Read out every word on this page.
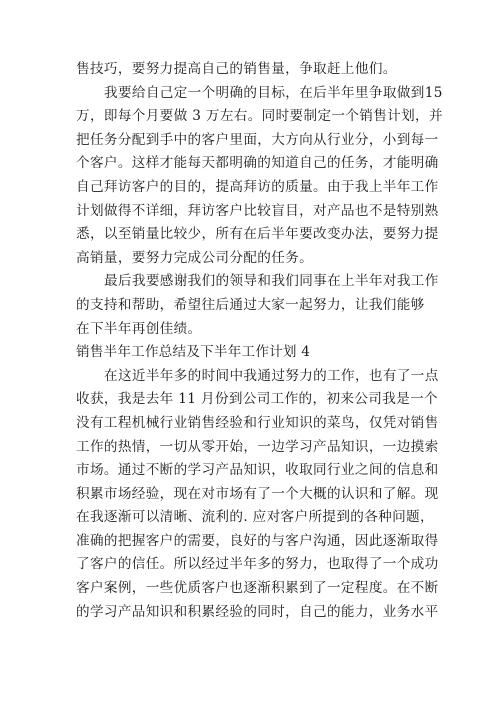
售技巧，要努力提高自己的销售量，争取赶上他们。
我要给自己定一个明确的目标，在后半年里争取做到15
万，即每个月要做 3 万左右。同时要制定一个销售计划，并
把任务分配到手中的客户里面，大方向从行业分，小到每一
个客户。这样才能每天都明确的知道自己的任务，才能明确
自己拜访客户的目的，提高拜访的质量。由于我上半年工作
计划做得不详细，拜访客户比较盲目，对产品也不是特别熟
悉，以至销量比较少，所有在后半年要改变办法，要努力提
高销量，要努力完成公司分配的任务。
最后我要感谢我们的领导和我们同事在上半年对我工作
的支持和帮助，希望往后通过大家一起努力，让我们能够
在下半年再创佳绩。
销售半年工作总结及下半年工作计划 4
在这近半年多的时间中我通过努力的工作，也有了一点
收获，我是去年 11 月份到公司工作的，初来公司我是一个
没有工程机械行业销售经验和行业知识的菜鸟，仅凭对销售
工作的热情，一切从零开始，一边学习产品知识，一边摸索
市场。通过不断的学习产品知识，收取同行业之间的信息和
积累市场经验，现在对市场有了一个大概的认识和了解。现
在我逐渐可以清晰、流利的. 应对客户所提到的各种问题，
准确的把握客户的需要，良好的与客户沟通，因此逐渐取得
了客户的信任。所以经过半年多的努力，也取得了一个成功
客户案例，一些优质客户也逐渐积累到了一定程度。在不断
的学习产品知识和积累经验的同时，自己的能力，业务水平
